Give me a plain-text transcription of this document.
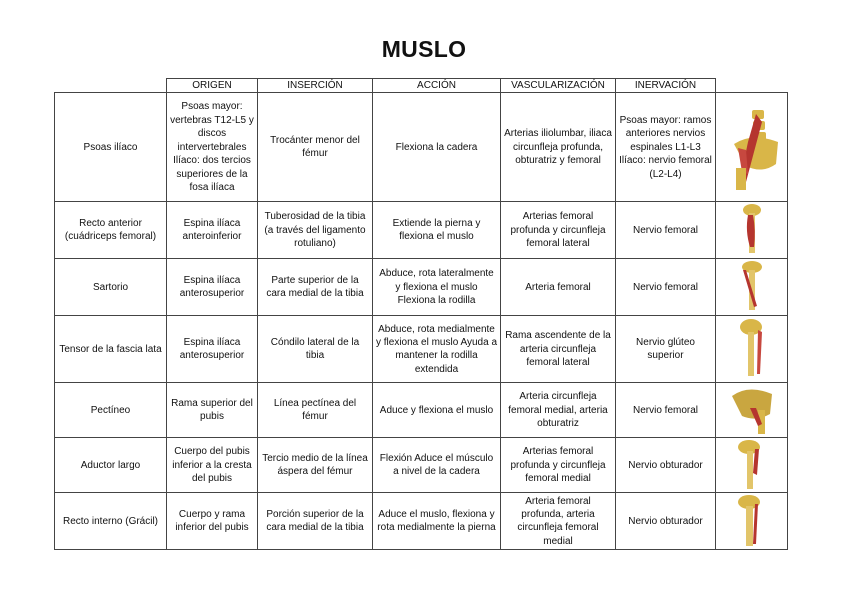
MUSLO
	ORIGEN	INSERCIÓN	ACCIÓN	VASCULARIZACIÓN	INERVACIÓN	
Psoas ilíaco	Psoas mayor: vertebras T12-L5 y discos intervertebrales Ilíaco: dos tercios superiores de la fosa ilíaca	Trocánter menor del fémur	Flexiona la cadera	Arterias iliolumbar, iliaca circunfleja profunda, obturatriz y femoral	Psoas mayor: ramos anteriores nervios espinales L1-L3 Ilíaco: nervio femoral (L2-L4)	

Recto anterior (cuádriceps femoral)	Espina ilíaca anteroinferior	Tuberosidad de la tibia (a través del ligamento rotuliano)	Extiende la pierna y flexiona el muslo	Arterias femoral profunda y circunfleja femoral lateral	Nervio femoral	

Sartorio	Espina ilíaca anterosuperior	Parte superior de la cara medial de la tibia	Abduce, rota lateralmente y flexiona el muslo Flexiona la rodilla	Arteria femoral	Nervio femoral	

Tensor de la fascia lata	Espina ilíaca anterosuperior	Cóndilo lateral de la tibia	Abduce, rota medialmente y flexiona el muslo Ayuda a mantener la rodilla extendida	Rama ascendente de la arteria circunfleja femoral lateral	Nervio glúteo superior	

Pectíneo	Rama superior del pubis	Línea pectínea del fémur	Aduce y flexiona el muslo	Arteria circunfleja femoral medial, arteria obturatriz	Nervio femoral	

Aductor largo	Cuerpo del pubis inferior a la cresta del pubis	Tercio medio de la línea áspera del fémur	Flexión Aduce el músculo a nivel de la cadera	Arterias femoral profunda y circunfleja femoral medial	Nervio obturador	

Recto interno (Grácil)	Cuerpo y rama inferior del pubis	Porción superior de la cara medial de la tibia	Aduce el muslo, flexiona y rota medialmente la pierna	Arteria femoral profunda, arteria circunfleja femoral medial	Nervio obturador	
